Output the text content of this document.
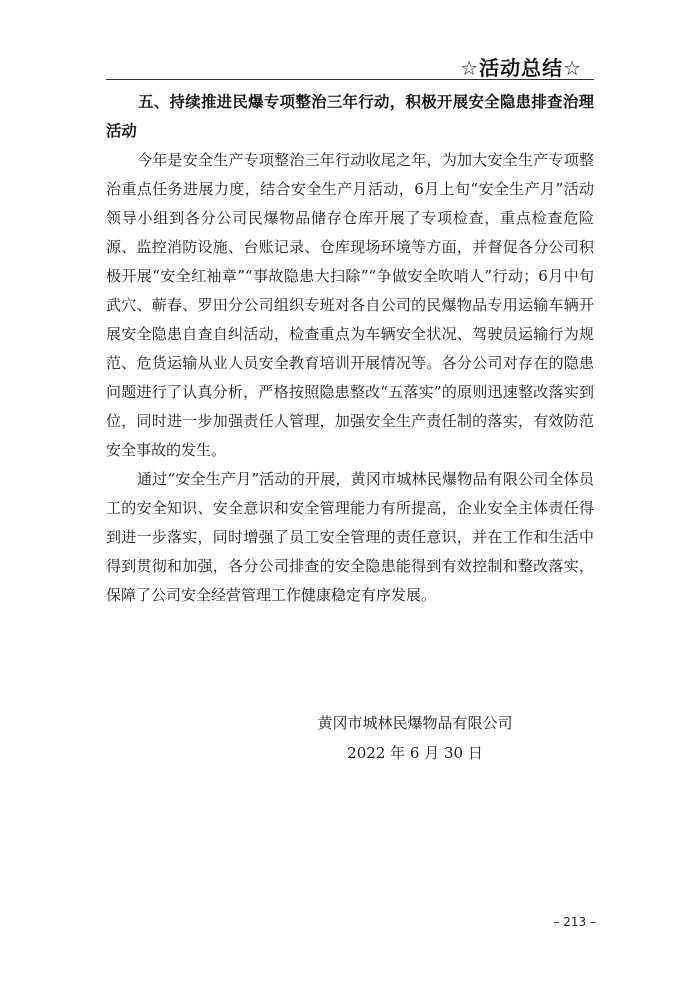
☆活动总结☆

五、持续推进民爆专项整治三年行动，积极开展安全隐患排查治理活动

今年是安全生产专项整治三年行动收尾之年，为加大安全生产专项整治重点任务进展力度，结合安全生产月活动，6月上旬“安全生产月”活动领导小组到各分公司民爆物品储存仓库开展了专项检查，重点检查危险源、监控消防设施、台账记录、仓库现场环境等方面，并督促各分公司积极开展“安全红袖章”“事故隐患大扫除”“争做安全吹哨人”行动；6月中旬武穴、蕲春、罗田分公司组织专班对各自公司的民爆物品专用运输车辆开展安全隐患自查自纠活动，检查重点为车辆安全状况、驾驶员运输行为规范、危货运输从业人员安全教育培训开展情况等。各分公司对存在的隐患问题进行了认真分析，严格按照隐患整改“五落实”的原则迅速整改落实到位，同时进一步加强责任人管理，加强安全生产责任制的落实，有效防范安全事故的发生。

通过“安全生产月”活动的开展，黄冈市城林民爆物品有限公司全体员工的安全知识、安全意识和安全管理能力有所提高，企业安全主体责任得到进一步落实，同时增强了员工安全管理的责任意识，并在工作和生活中得到贯彻和加强，各分公司排查的安全隐患能得到有效控制和整改落实，保障了公司安全经营管理工作健康稳定有序发展。

黄冈市城林民爆物品有限公司
2022 年 6 月 30 日
– 213 –
